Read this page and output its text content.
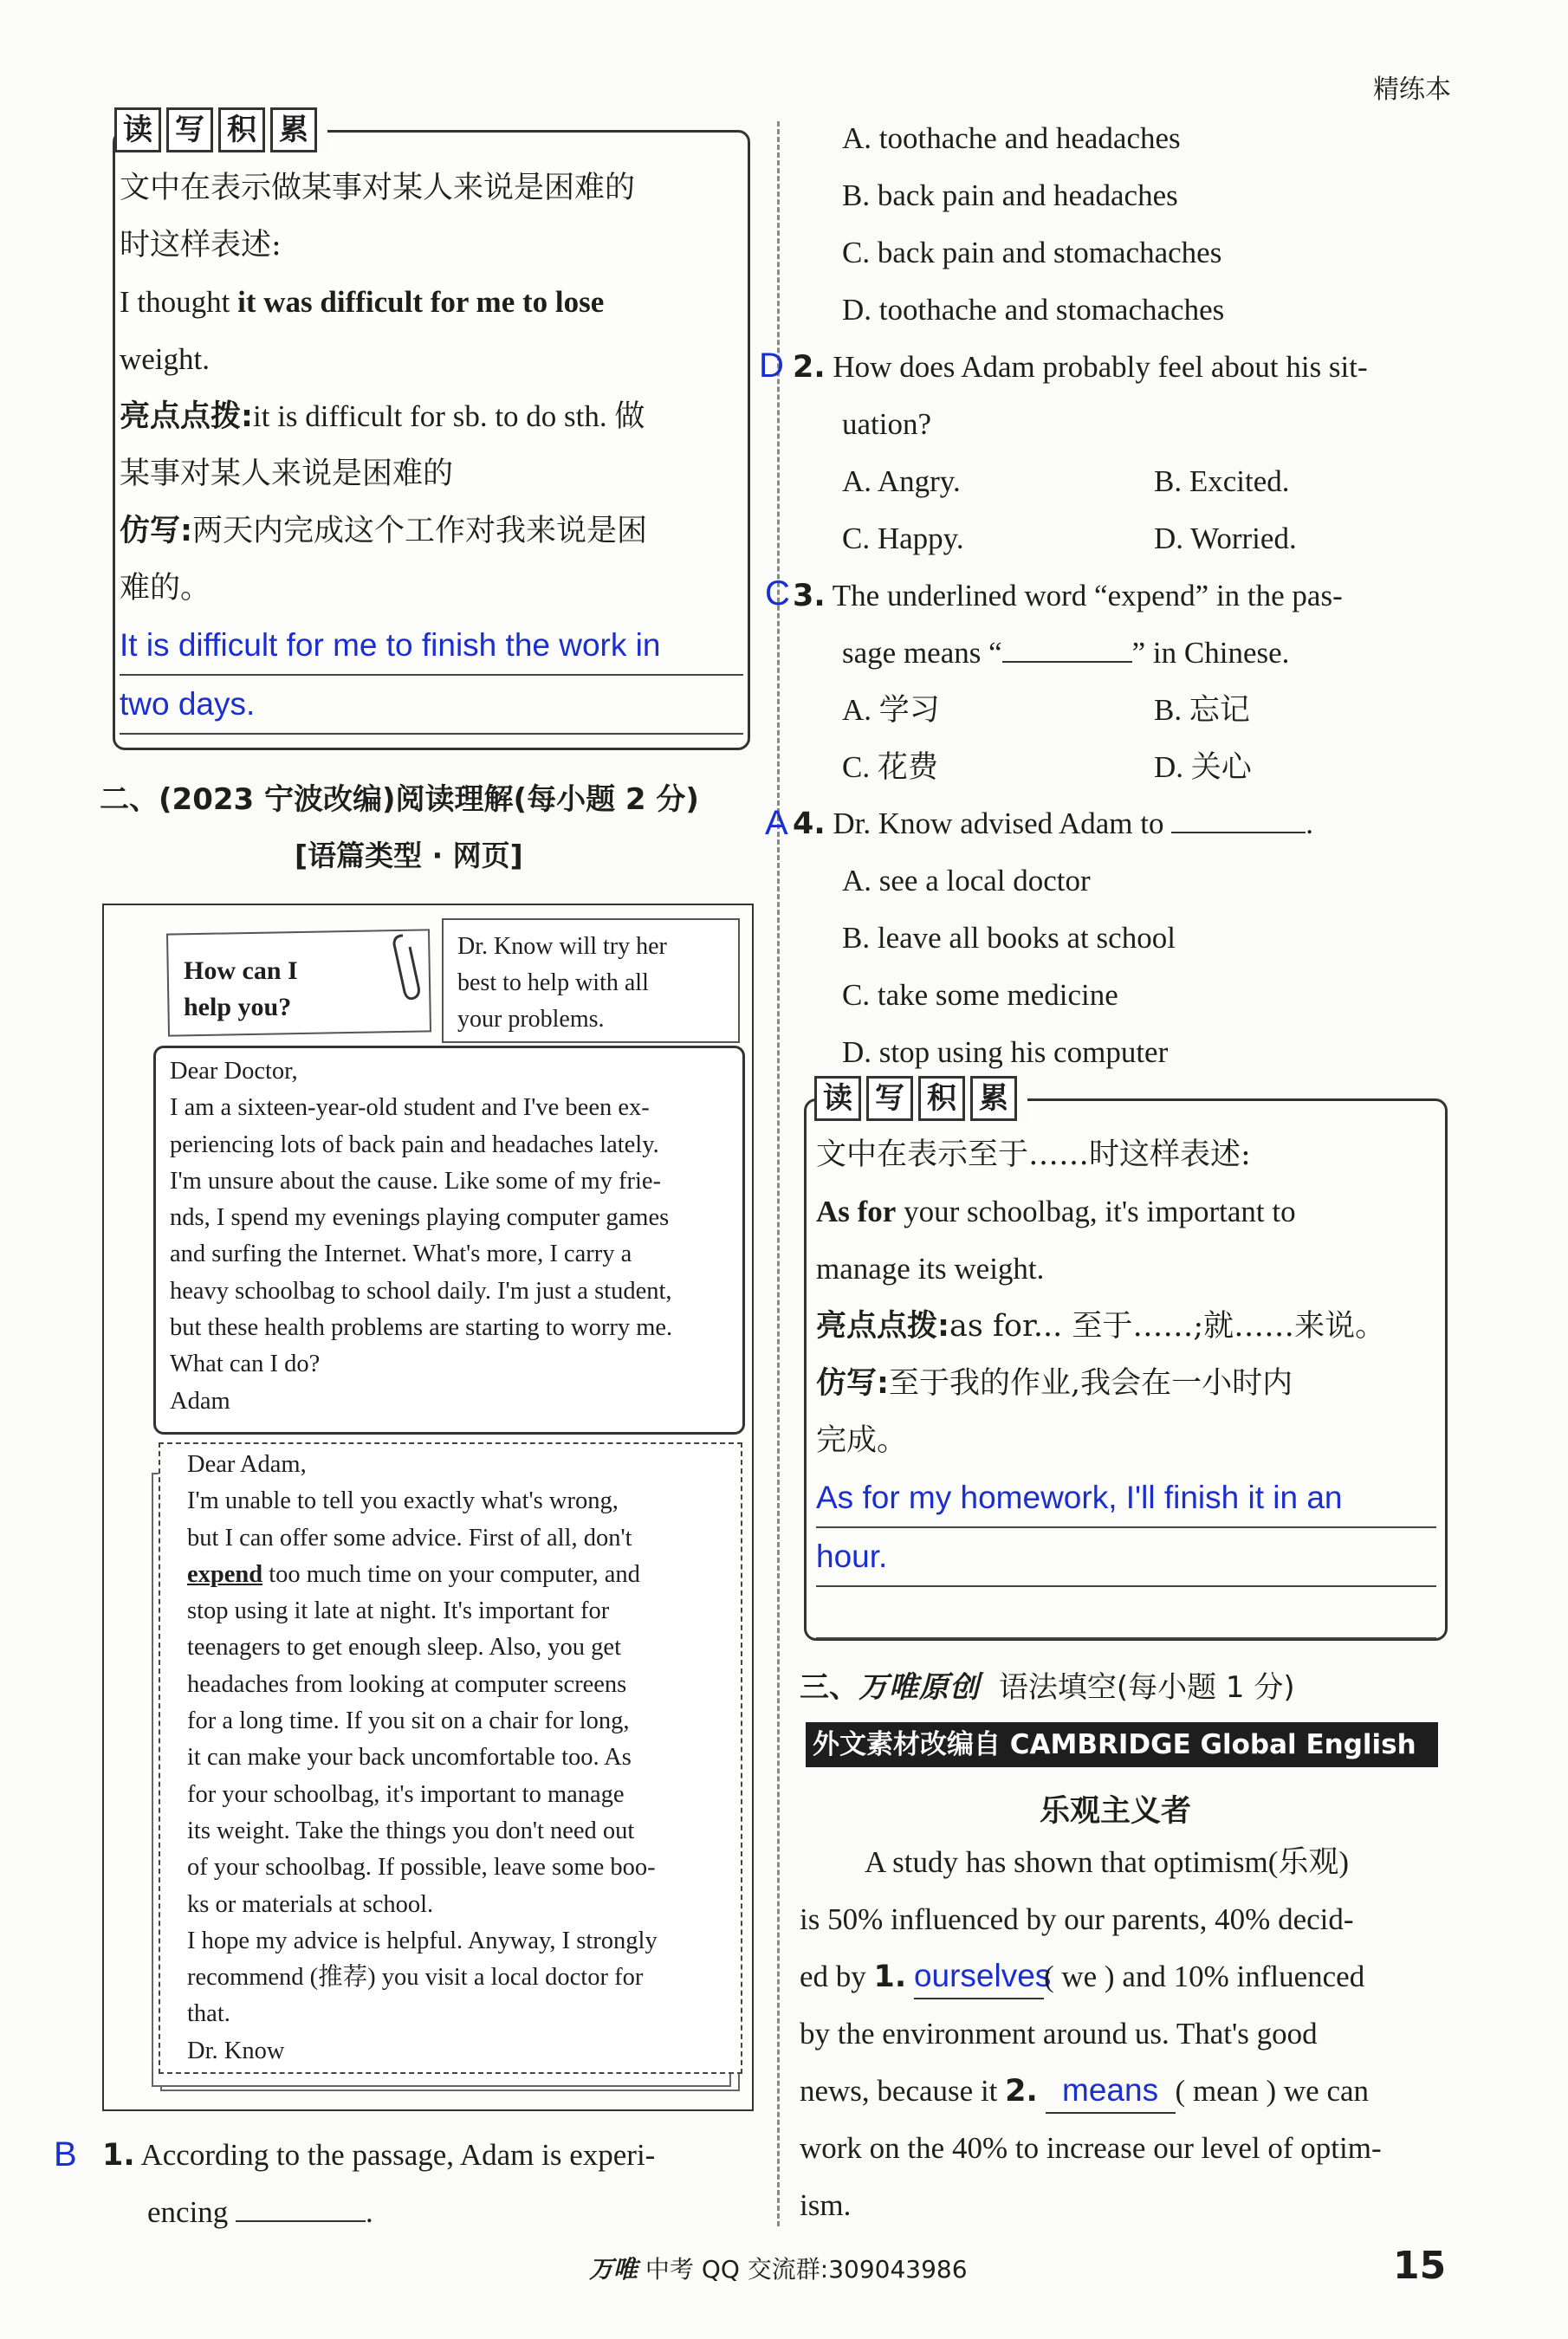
精练本
读 写 积 累
文中在表示做某事对某人来说是困难的
时这样表述:
I thought it was difficult for me to lose
weight.
亮点点拨:it is difficult for sb. to do sth. 做
某事对某人来说是困难的
仿写:两天内完成这个工作对我来说是困
难的。
It is difficult for me to finish the work in
two days.
二、(2023 宁波改编)阅读理解(每小题 2 分)
[语篇类型 · 网页]
How can I
help you?
Dr. Know will try her
best to help with all
your problems.
Dear Doctor,
I am a sixteen-year-old student and I've been ex-
periencing lots of back pain and headaches lately.
I'm unsure about the cause. Like some of my frie-
nds, I spend my evenings playing computer games
and surfing the Internet. What's more, I carry a
heavy schoolbag to school daily. I'm just a student,
but these health problems are starting to worry me.
What can I do?
Adam
Dear Adam,
I'm unable to tell you exactly what's wrong,
but I can offer some advice. First of all, don't
expend too much time on your computer, and
stop using it late at night. It's important for
teenagers to get enough sleep. Also, you get
headaches from looking at computer screens
for a long time. If you sit on a chair for long,
it can make your back uncomfortable too. As
for your schoolbag, it's important to manage
its weight. Take the things you don't need out
of your schoolbag. If possible, leave some boo-
ks or materials at school.
I hope my advice is helpful. Anyway, I strongly
recommend (推荐) you visit a local doctor for
that.
Dr. Know
B 1. According to the passage, Adam is experi-
encing	.
A. toothache and headaches
B. back pain and headaches
C. back pain and stomachaches
D. toothache and stomachaches
D 2. How does Adam probably feel about his sit-
uation?
A. Angry.	B. Excited.
C. Happy.	D. Worried.
C 3. The underlined word “expend” in the pas-
sage means “	” in Chinese.
A. 学习	B. 忘记
C. 花费	D. 关心
A 4. Dr. Know advised Adam to	.
A. see a local doctor
B. leave all books at school
C. take some medicine
D. stop using his computer
读 写 积 累
文中在表示至于……时这样表述:
As for your schoolbag, it's important to
manage its weight.
亮点点拨:as for... 至于……;就……来说。
仿写:至于我的作业,我会在一小时内
完成。
As for my homework, I'll finish it in an
hour.
三、万唯原创 语法填空(每小题 1 分)
外文素材改编自 CAMBRIDGE Global English
乐观主义者
A study has shown that optimism(乐观)
is 50% influenced by our parents, 40% decid-
ed by 1. ourselves( we ) and 10% influenced
by the environment around us. That's good
news, because it 2. means ( mean ) we can
work on the 40% to increase our level of optim-
ism.
万唯 中考 QQ 交流群:309043986	15
